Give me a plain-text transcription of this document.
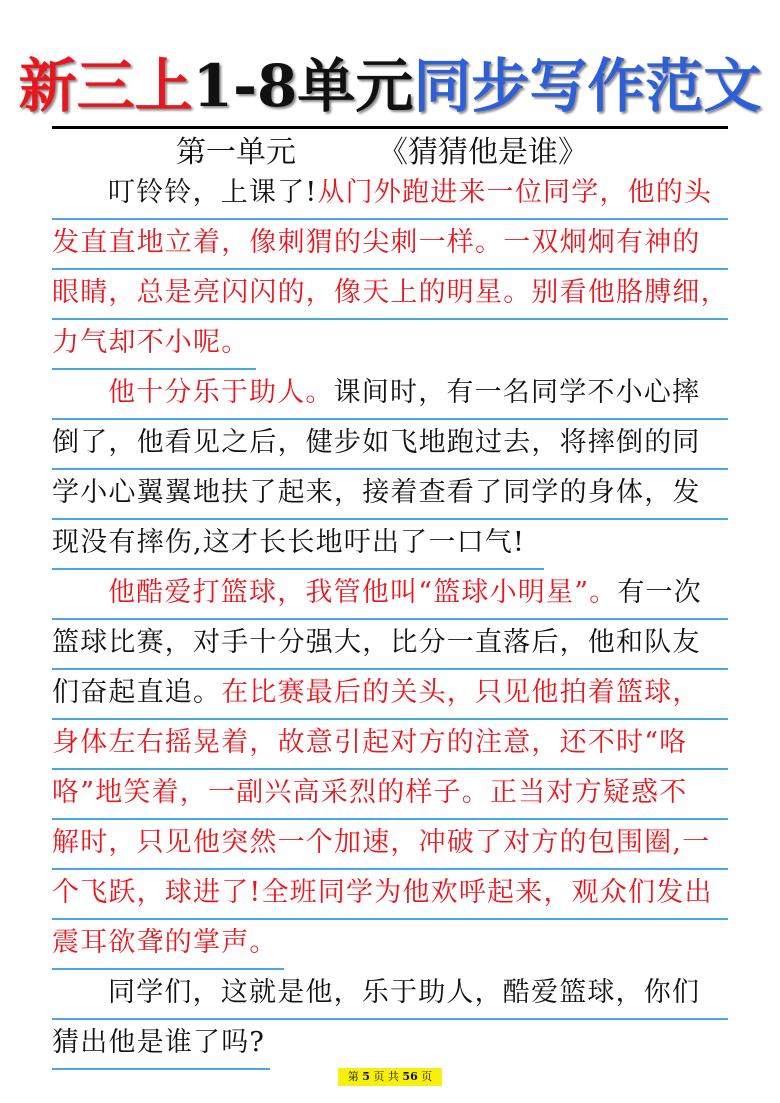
新三上1-8单元同步写作范文
第一单元	《猜猜他是谁》
叮铃铃，上课了!从门外跑进来一位同学，他的头
发直直地立着，像刺猬的尖刺一样。一双炯炯有神的
眼睛，总是亮闪闪的，像天上的明星。别看他胳膊细，
力气却不小呢。
他十分乐于助人。课间时，有一名同学不小心摔
倒了，他看见之后，健步如飞地跑过去，将摔倒的同
学小心翼翼地扶了起来，接着查看了同学的身体，发
现没有摔伤,这才长长地吁出了一口气!
他酷爱打篮球，我管他叫“篮球小明星”。有一次
篮球比赛，对手十分强大，比分一直落后，他和队友
们奋起直追。在比赛最后的关头，只见他拍着篮球，
身体左右摇晃着，故意引起对方的注意，还不时“咯
咯”地笑着，一副兴高采烈的样子。正当对方疑惑不
解时，只见他突然一个加速，冲破了对方的包围圈,一
个飞跃，球进了!全班同学为他欢呼起来，观众们发出
震耳欲聋的掌声。
同学们，这就是他，乐于助人，酷爱篮球，你们
猜出他是谁了吗?
第 5 页 共 56 页
